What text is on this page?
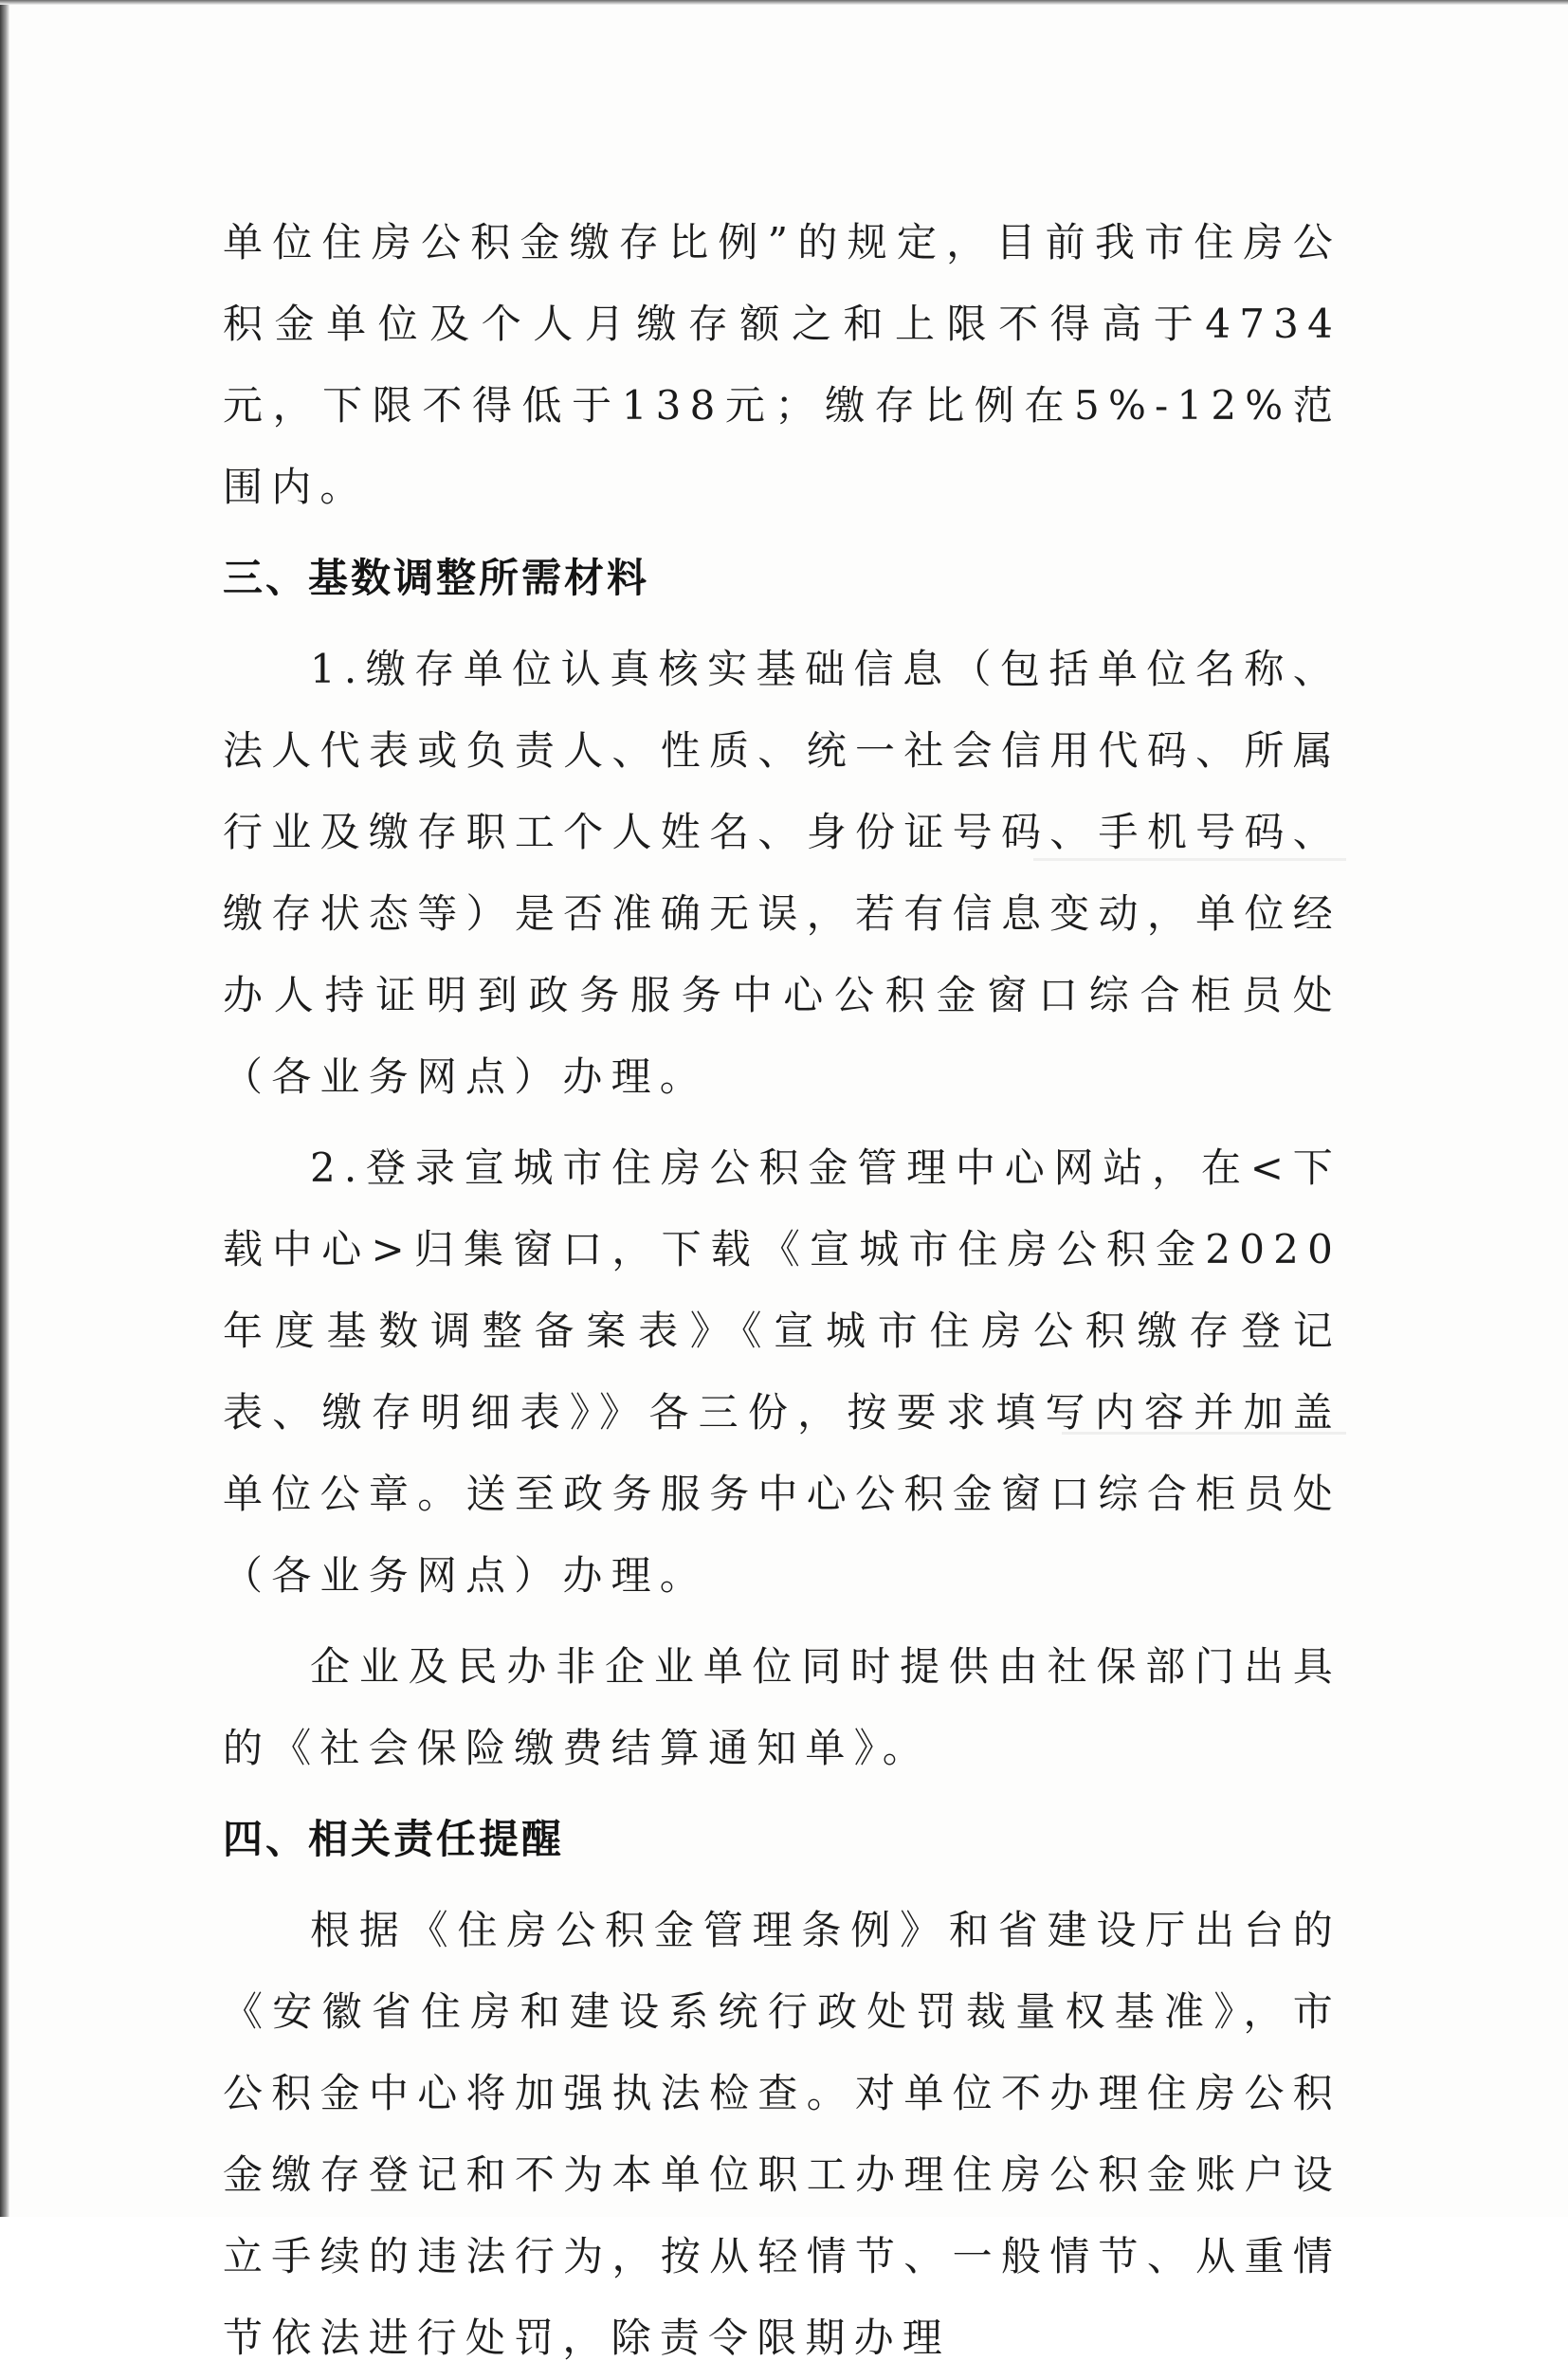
单位住房公积金缴存比例”的规定，目前我市住房公积金单位及个人月缴存额之和上限不得高于4734元，下限不得低于138元；缴存比例在5%-12%范围内。

三、基数调整所需材料

1.缴存单位认真核实基础信息（包括单位名称、法人代表或负责人、性质、统一社会信用代码、所属行业及缴存职工个人姓名、身份证号码、手机号码、缴存状态等）是否准确无误，若有信息变动，单位经办人持证明到政务服务中心公积金窗口综合柜员处（各业务网点）办理。

2.登录宣城市住房公积金管理中心网站，在<下载中心>归集窗口，下载《宣城市住房公积金2020年度基数调整备案表》《宣城市住房公积缴存登记表、缴存明细表》》各三份，按要求填写内容并加盖单位公章。送至政务服务中心公积金窗口综合柜员处（各业务网点）办理。

企业及民办非企业单位同时提供由社保部门出具的《社会保险缴费结算通知单》。

四、相关责任提醒

根据《住房公积金管理条例》和省建设厅出台的《安徽省住房和建设系统行政处罚裁量权基准》，市公积金中心将加强执法检查。对单位不办理住房公积金缴存登记和不为本单位职工办理住房公积金账户设立手续的违法行为，按从轻情节、一般情节、从重情节依法进行处罚，除责令限期办理
